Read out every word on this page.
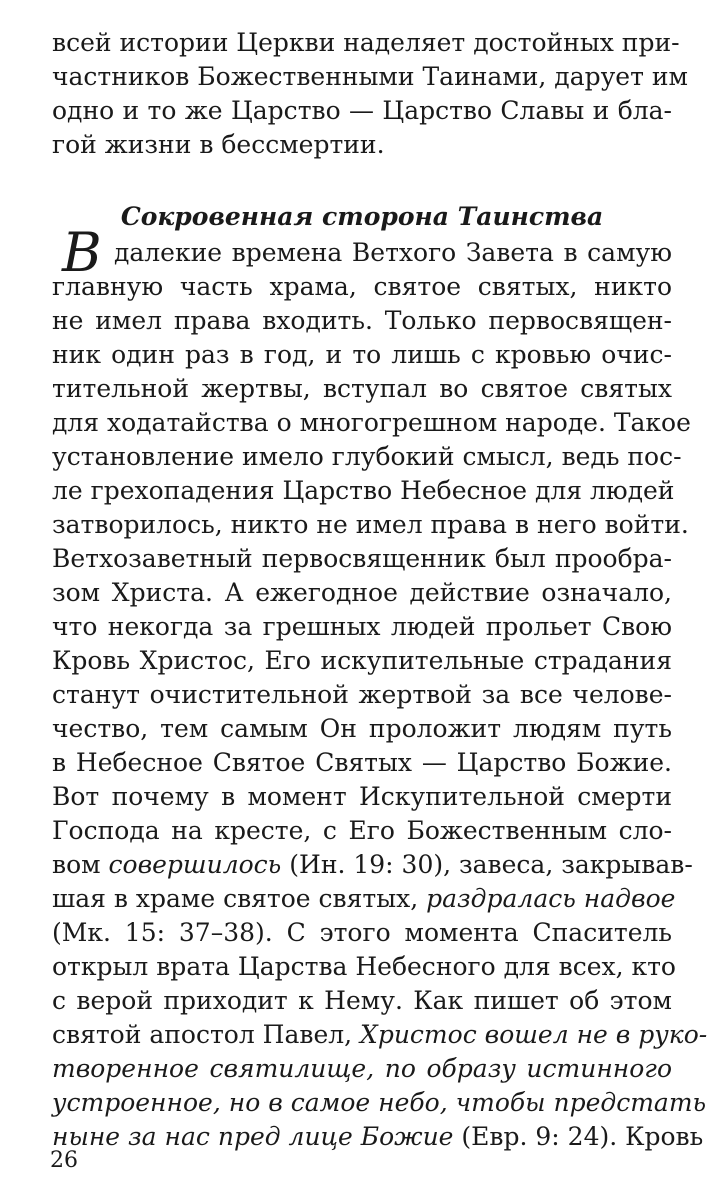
всей истории Церкви наделяет достойных при-
частников Божественными Таинами, дарует им
одно и то же Царство — Царство Славы и бла-
гой жизни в бессмертии.
Сокровенная сторона Таинства
В далекие времена Ветхого Завета в самую
главную часть храма, святое святых, никто
не имел права входить. Только первосвящен-
ник один раз в год, и то лишь с кровью очис-
тительной жертвы, вступал во святое святых
для ходатайства о многогрешном народе. Такое
установление имело глубокий смысл, ведь пос-
ле грехопадения Царство Небесное для людей
затворилось, никто не имел права в него войти.
Ветхозаветный первосвященник был прообра-
зом Христа. А ежегодное действие означало,
что некогда за грешных людей прольет Свою
Кровь Христос, Его искупительные страдания
станут очистительной жертвой за все челове-
чество, тем самым Он проложит людям путь
в Небесное Святое Святых — Царство Божие.
Вот почему в момент Искупительной смерти
Господа на кресте, с Его Божественным сло-
вом совершилось (Ин. 19: 30), завеса, закрывав-
шая в храме святое святых, раздралась надвое
(Мк. 15: 37–38). С этого момента Спаситель
открыл врата Царства Небесного для всех, кто
с верой приходит к Нему. Как пишет об этом
святой апостол Павел, Христос вошел не в руко-
творенное святилище, по образу истинного
устроенное, но в самое небо, чтобы предстать
ныне за нас пред лице Божие (Евр. 9: 24). Кровь
26
